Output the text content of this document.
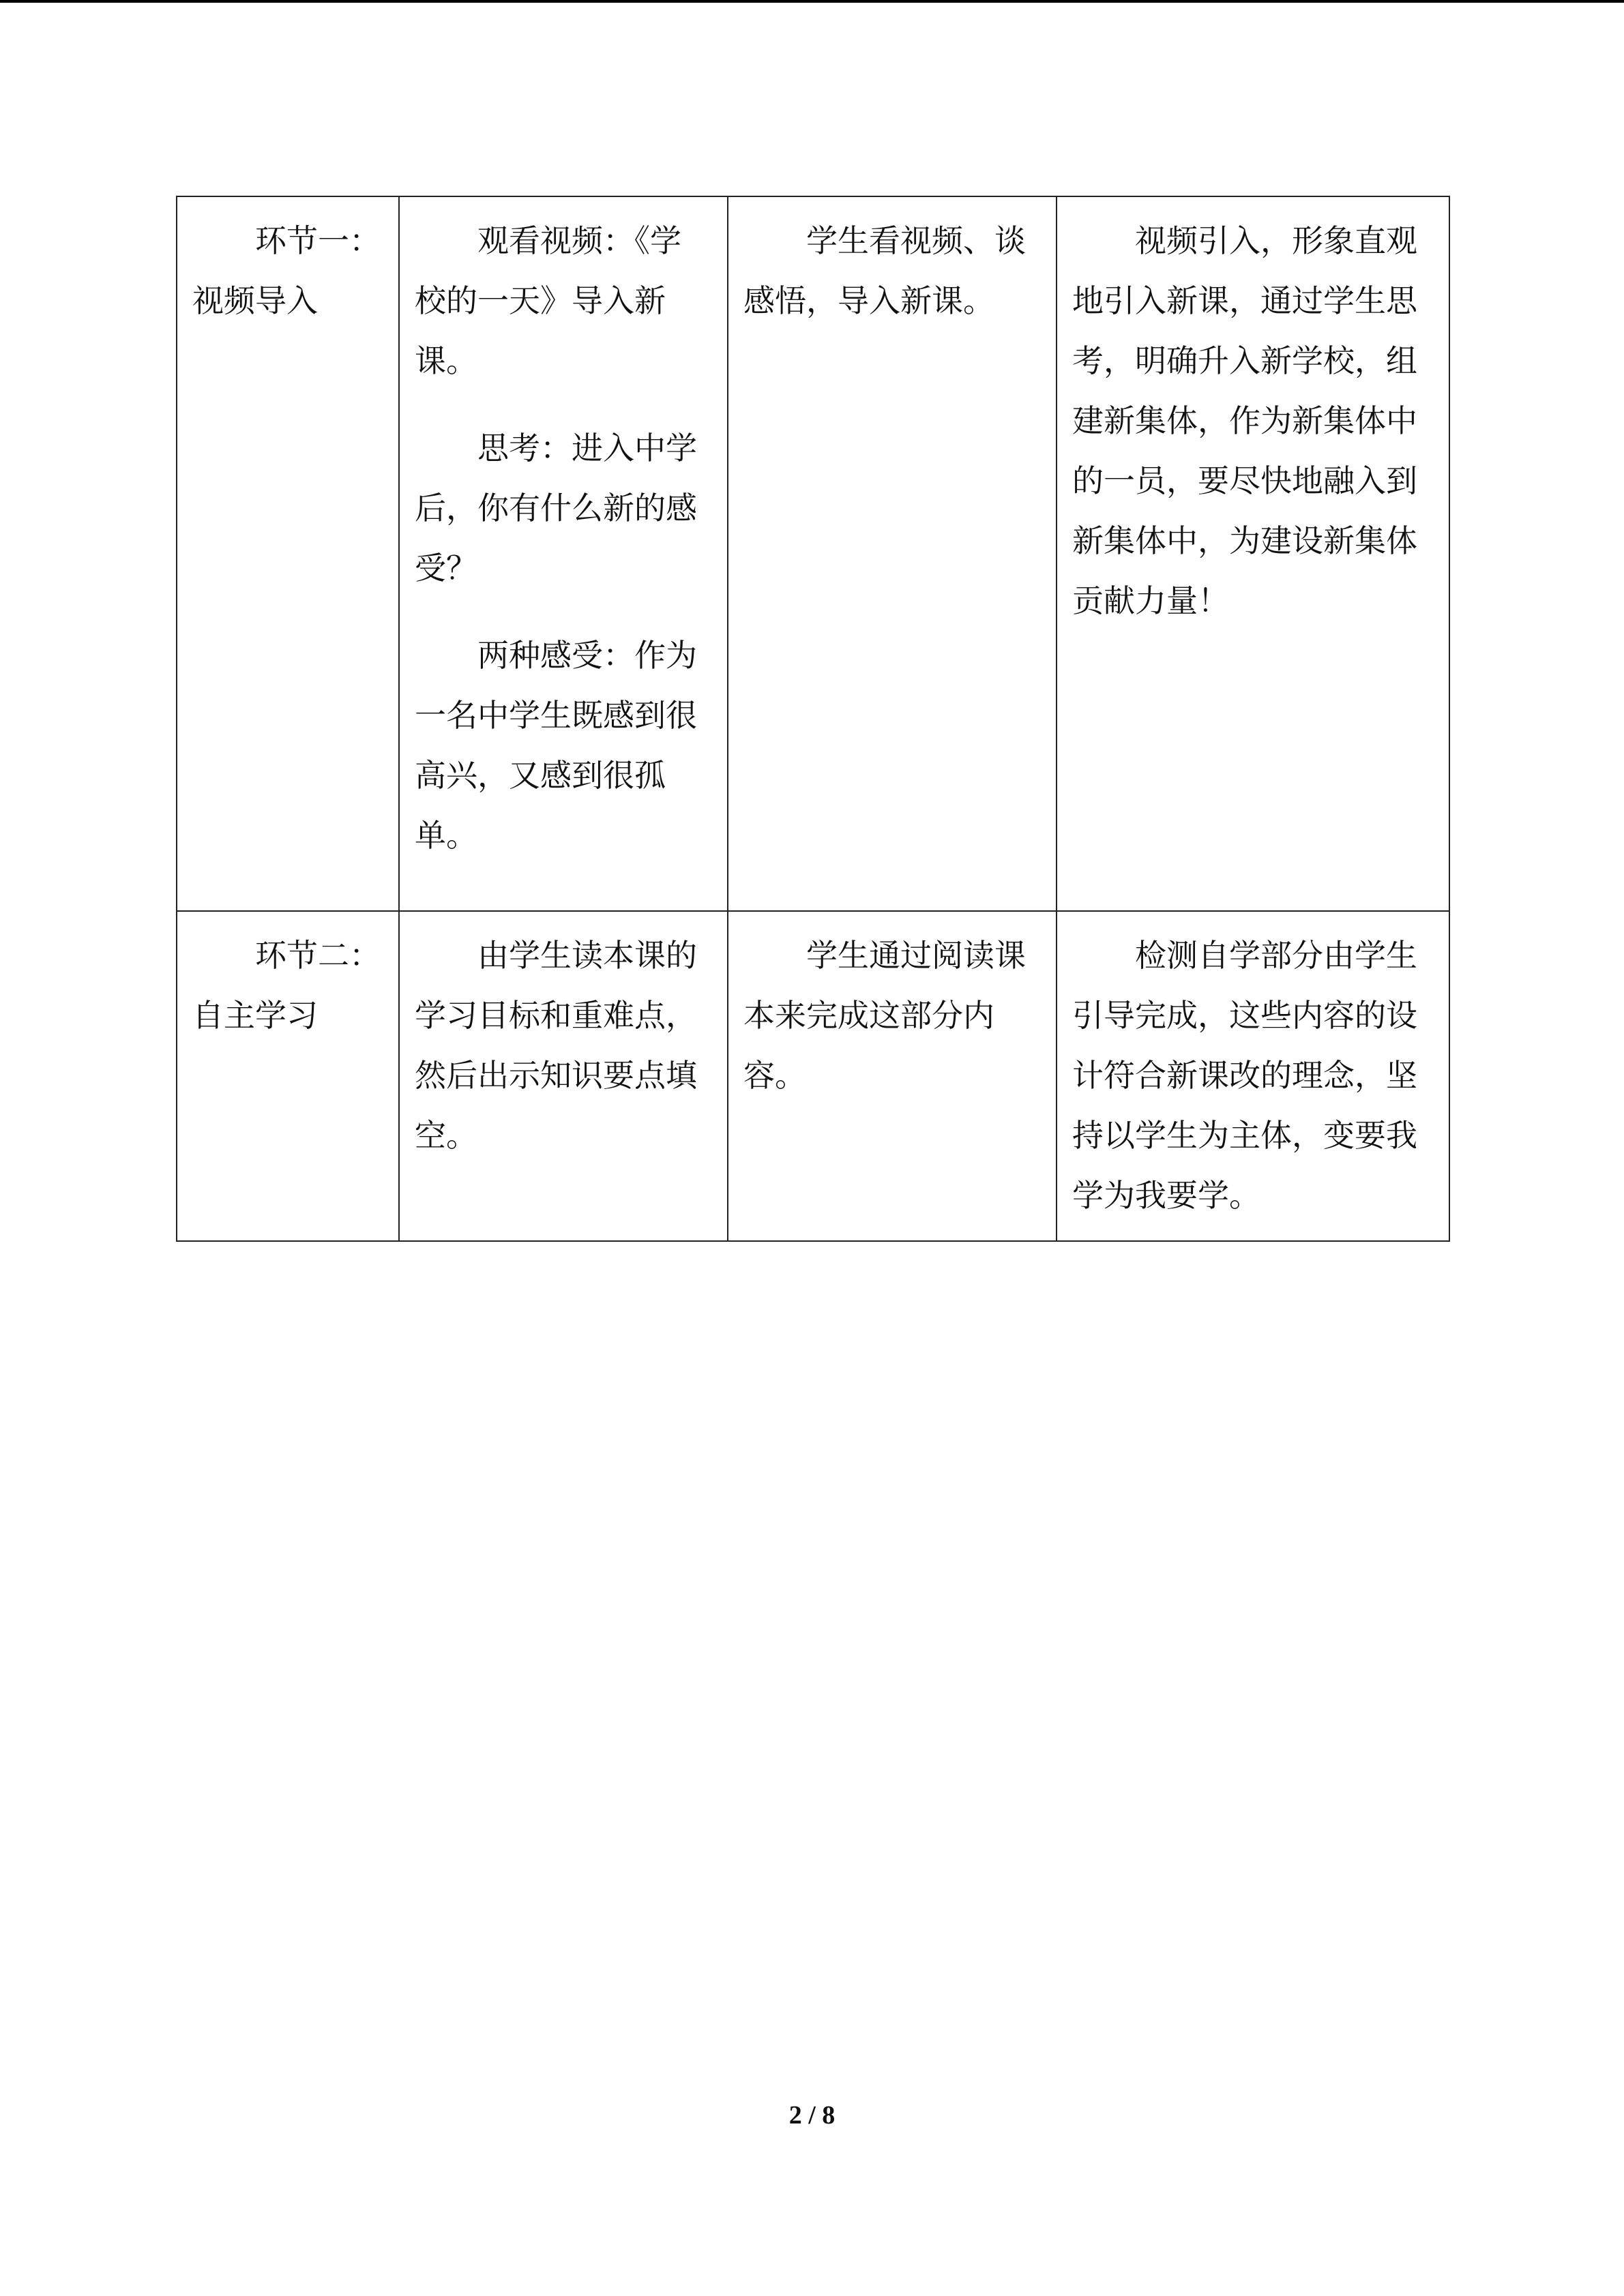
环节一：视频导入	观看视频：《学校的一天》导入新课。

思考：进入中学后，你有什么新的感受？

两种感受：作为一名中学生既感到很高兴，又感到很孤单。	学生看视频、谈感悟，导入新课。	视频引入，形象直观地引入新课，通过学生思考，明确升入新学校，组建新集体，作为新集体中的一员，要尽快地融入到新集体中，为建设新集体贡献力量！

环节二：自主学习	由学生读本课的学习目标和重难点，然后出示知识要点填空。	学生通过阅读课本来完成这部分内容。	检测自学部分由学生引导完成，这些内容的设计符合新课改的理念，坚持以学生为主体，变要我学为我要学。

2 / 8
